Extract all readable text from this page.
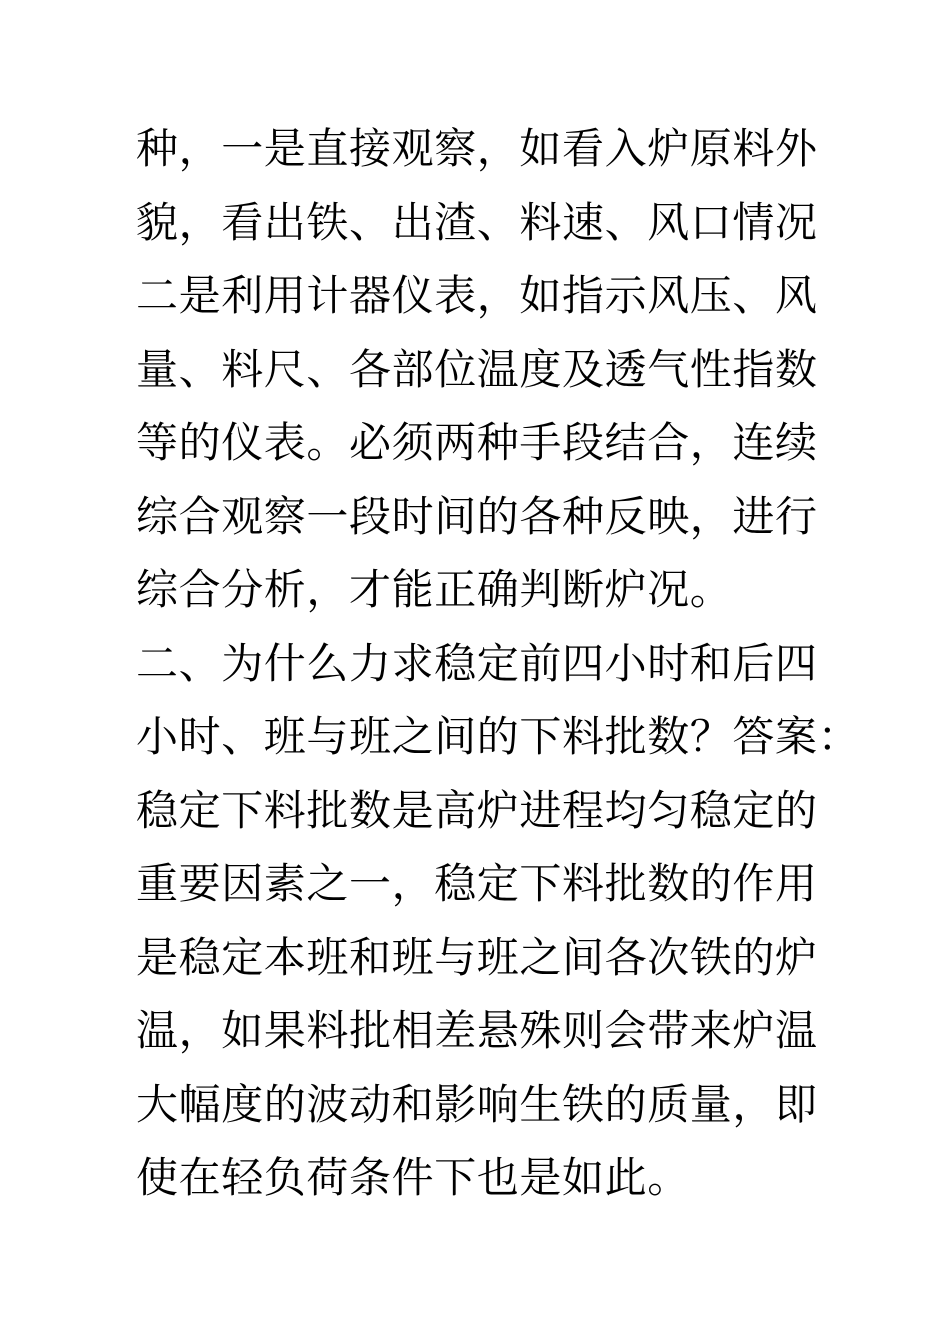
种，一是直接观察，如看入炉原料外
貌，看出铁、出渣、料速、风口情况
二是利用计器仪表，如指示风压、风
量、料尺、各部位温度及透气性指数
等的仪表。必须两种手段结合，连续
综合观察一段时间的各种反映，进行
综合分析，才能正确判断炉况。
二、为什么力求稳定前四小时和后四
小时、班与班之间的下料批数？答案：
稳定下料批数是高炉进程均匀稳定的
重要因素之一，稳定下料批数的作用
是稳定本班和班与班之间各次铁的炉
温，如果料批相差悬殊则会带来炉温
大幅度的波动和影响生铁的质量，即
使在轻负荷条件下也是如此。
